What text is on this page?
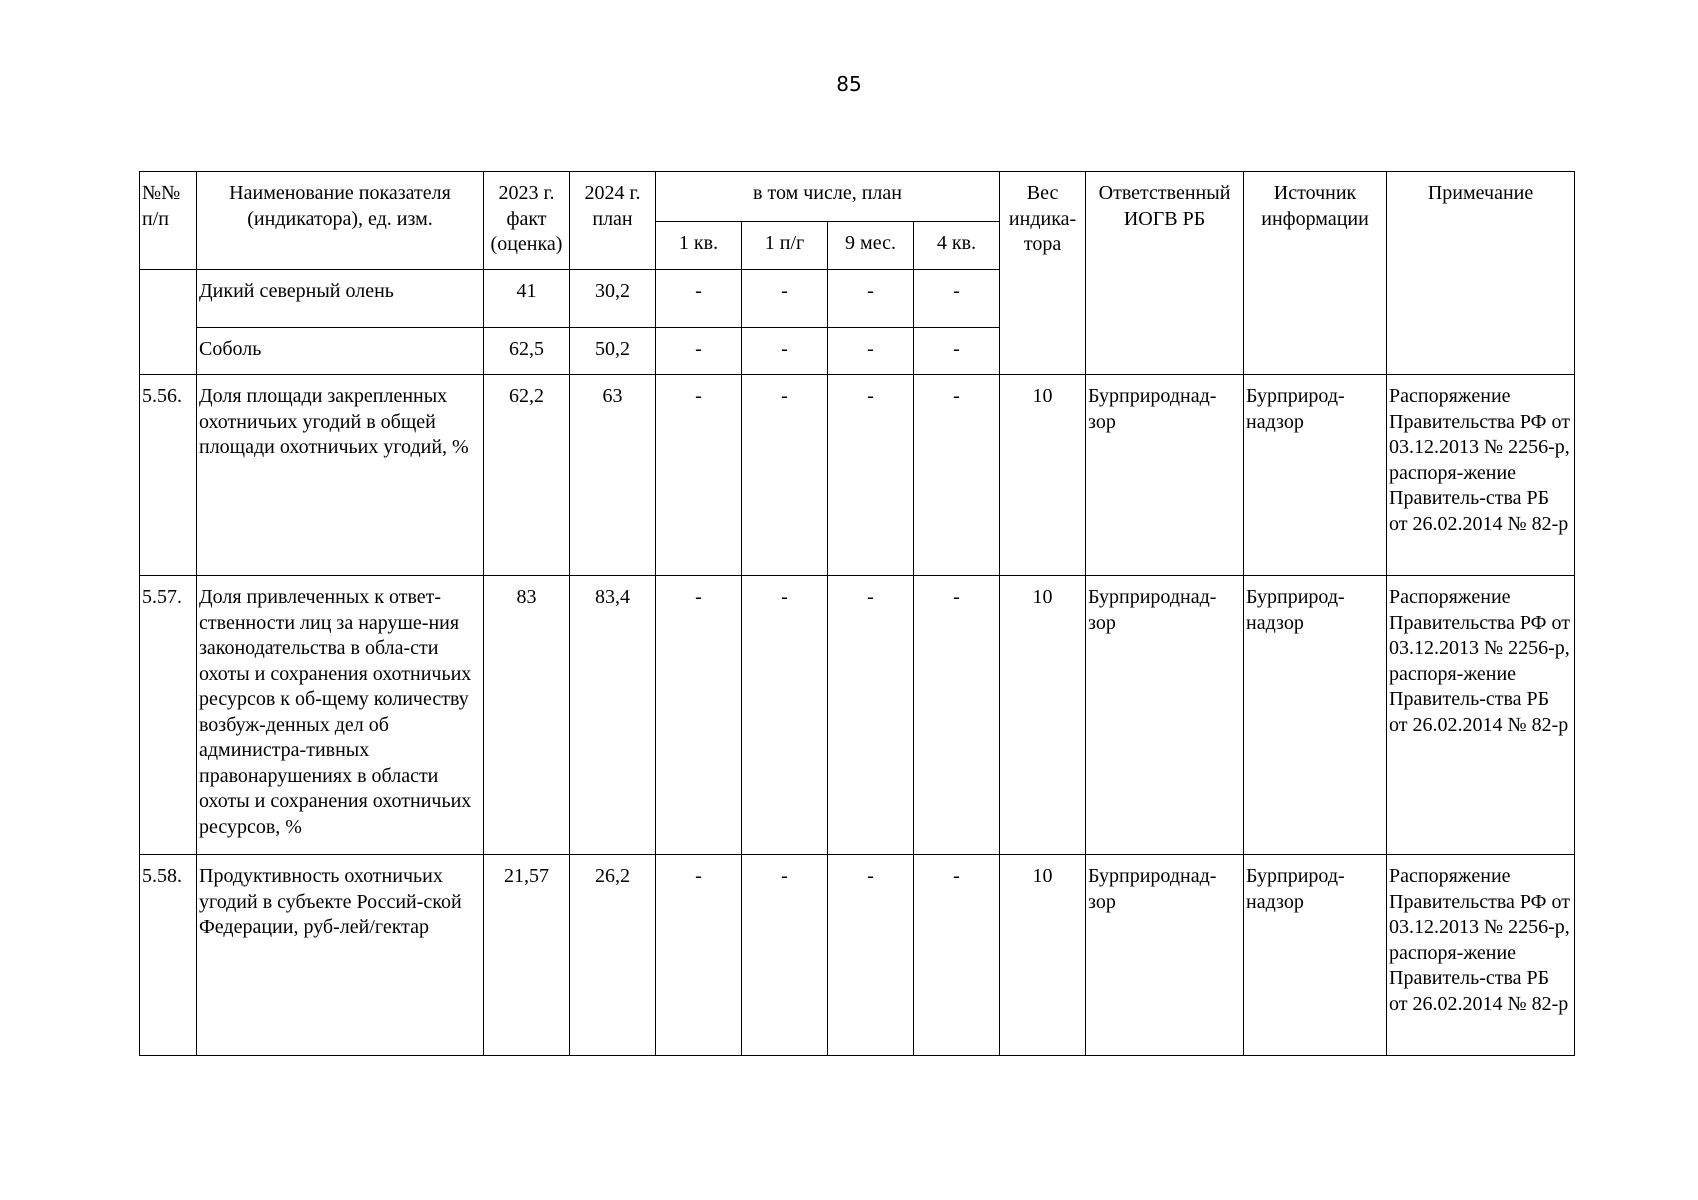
85
№№ п/п	Наименование показателя (индикатора), ед. изм.	2023 г. факт (оценка)	2024 г. план	в том числе, план				Вес индика-тора	Ответственный ИОГВ РБ	Источник информации	Примечание
				1 кв.	1 п/г	9 мес.	4 кв.				
	Дикий северный олень	41	30,2	-	-	-	-				
	Соболь	62,5	50,2	-	-	-	-				
5.56.	Доля площади закрепленных охотничьих угодий в общей площади охотничьих угодий, %	62,2	63	-	-	-	-	10	Бурприроднад-зор	Бурприрод-надзор	Распоряжение Правительства РФ от 03.12.2013 № 2256-р, распоря-жение Правитель-ства РБ от 26.02.2014 № 82-р
5.57.	Доля привлеченных к ответ-ственности лиц за наруше-ния законодательства в обла-сти охоты и сохранения охотничьих ресурсов к об-щему количеству возбуж-денных дел об администра-тивных правонарушениях в области охоты и сохранения охотничьих ресурсов, %	83	83,4	-	-	-	-	10	Бурприроднад-зор	Бурприрод-надзор	Распоряжение Правительства РФ от 03.12.2013 № 2256-р, распоря-жение Правитель-ства РБ от 26.02.2014 № 82-р
5.58.	Продуктивность охотничьих угодий в субъекте Россий-ской Федерации, руб-лей/гектар	21,57	26,2	-	-	-	-	10	Бурприроднад-зор	Бурприрод-надзор	Распоряжение Правительства РФ от 03.12.2013 № 2256-р, распоря-жение Правитель-ства РБ от 26.02.2014 № 82-р
